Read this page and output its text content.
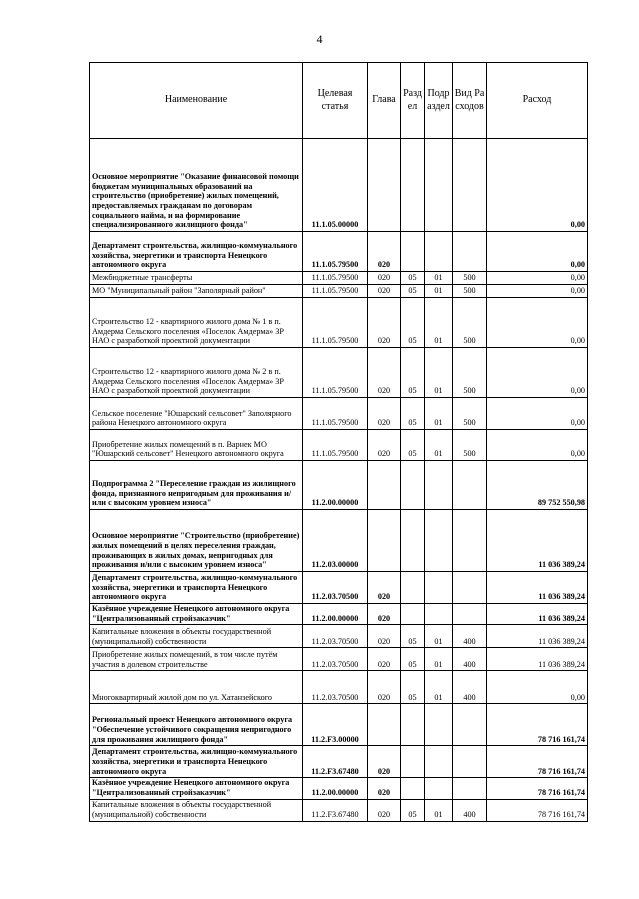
4
Наименование	Целевая статья	Глава	Раздел	Подраздел	Вид Расходов	Расход
Основное мероприятие "Оказание финансовой помощи бюджетам муниципальных образований на строительство (приобретение) жилых помещений, предоставляемых гражданам по договорам социального найма, и на формирование специализированного жилищного фонда"	11.1.05.00000					0,00
Департамент строительства, жилищно-коммунального хозяйства, энергетики и транспорта Ненецкого автономного округа	11.1.05.79500	020				0,00
Межбюджетные трансферты	11.1.05.79500	020	05	01	500	0,00
МО "Муниципальный район "Заполярный район"	11.1.05.79500	020	05	01	500	0,00
Строительство 12 - квартирного жилого дома № 1 в п. Амдерма Сельского поселения «Поселок Амдерма» ЗР НАО с разработкой проектной документации	11.1.05.79500	020	05	01	500	0,00
Строительство 12 - квартирного жилого дома № 2 в п. Амдерма Сельского поселения «Поселок Амдерма» ЗР НАО с разработкой проектной документации	11.1.05.79500	020	05	01	500	0,00
Сельское поселение "Юшарский сельсовет" Заполярного района Ненецкого автономного округа	11.1.05.79500	020	05	01	500	0,00
Приобретение жилых помещений в п. Варнек МО "Юшарский сельсовет" Ненецкого автономного округа	11.1.05.79500	020	05	01	500	0,00
Подпрограмма 2 "Переселение граждан из жилищного фонда, признанного непригодным для проживания и/или с высоким уровнем износа"	11.2.00.00000					89 752 550,98
Основное мероприятие "Строительство (приобретение) жилых помещений в целях переселения граждан, проживающих в жилых домах, непригодных для проживания и/или с высоким уровнем износа"	11.2.03.00000					11 036 389,24
Департамент строительства, жилищно-коммунального хозяйства, энергетики и транспорта Ненецкого автономного округа	11.2.03.70500	020				11 036 389,24
Казённое учреждение Ненецкого автономного округа "Централизованный стройзаказчик"	11.2.00.00000	020				11 036 389,24
Капитальные вложения в объекты государственной (муниципальной) собственности	11.2.03.70500	020	05	01	400	11 036 389,24
Приобретение жилых помещений, в том числе путём участия в долевом строительстве	11.2.03.70500	020	05	01	400	11 036 389,24
Многоквартирный жилой дом по ул. Хатанзейского	11.2.03.70500	020	05	01	400	0,00
Региональный проект Ненецкого автономного округа "Обеспечение устойчивого сокращения непригодного для проживания жилищного фонда"	11.2.F3.00000					78 716 161,74
Департамент строительства, жилищно-коммунального хозяйства, энергетики и транспорта Ненецкого автономного округа	11.2.F3.67480	020				78 716 161,74
Казённое учреждение Ненецкого автономного округа "Централизованный стройзаказчик"	11.2.00.00000	020				78 716 161,74
Капитальные вложения в объекты государственной (муниципальной) собственности	11.2.F3.67480	020	05	01	400	78 716 161,74
